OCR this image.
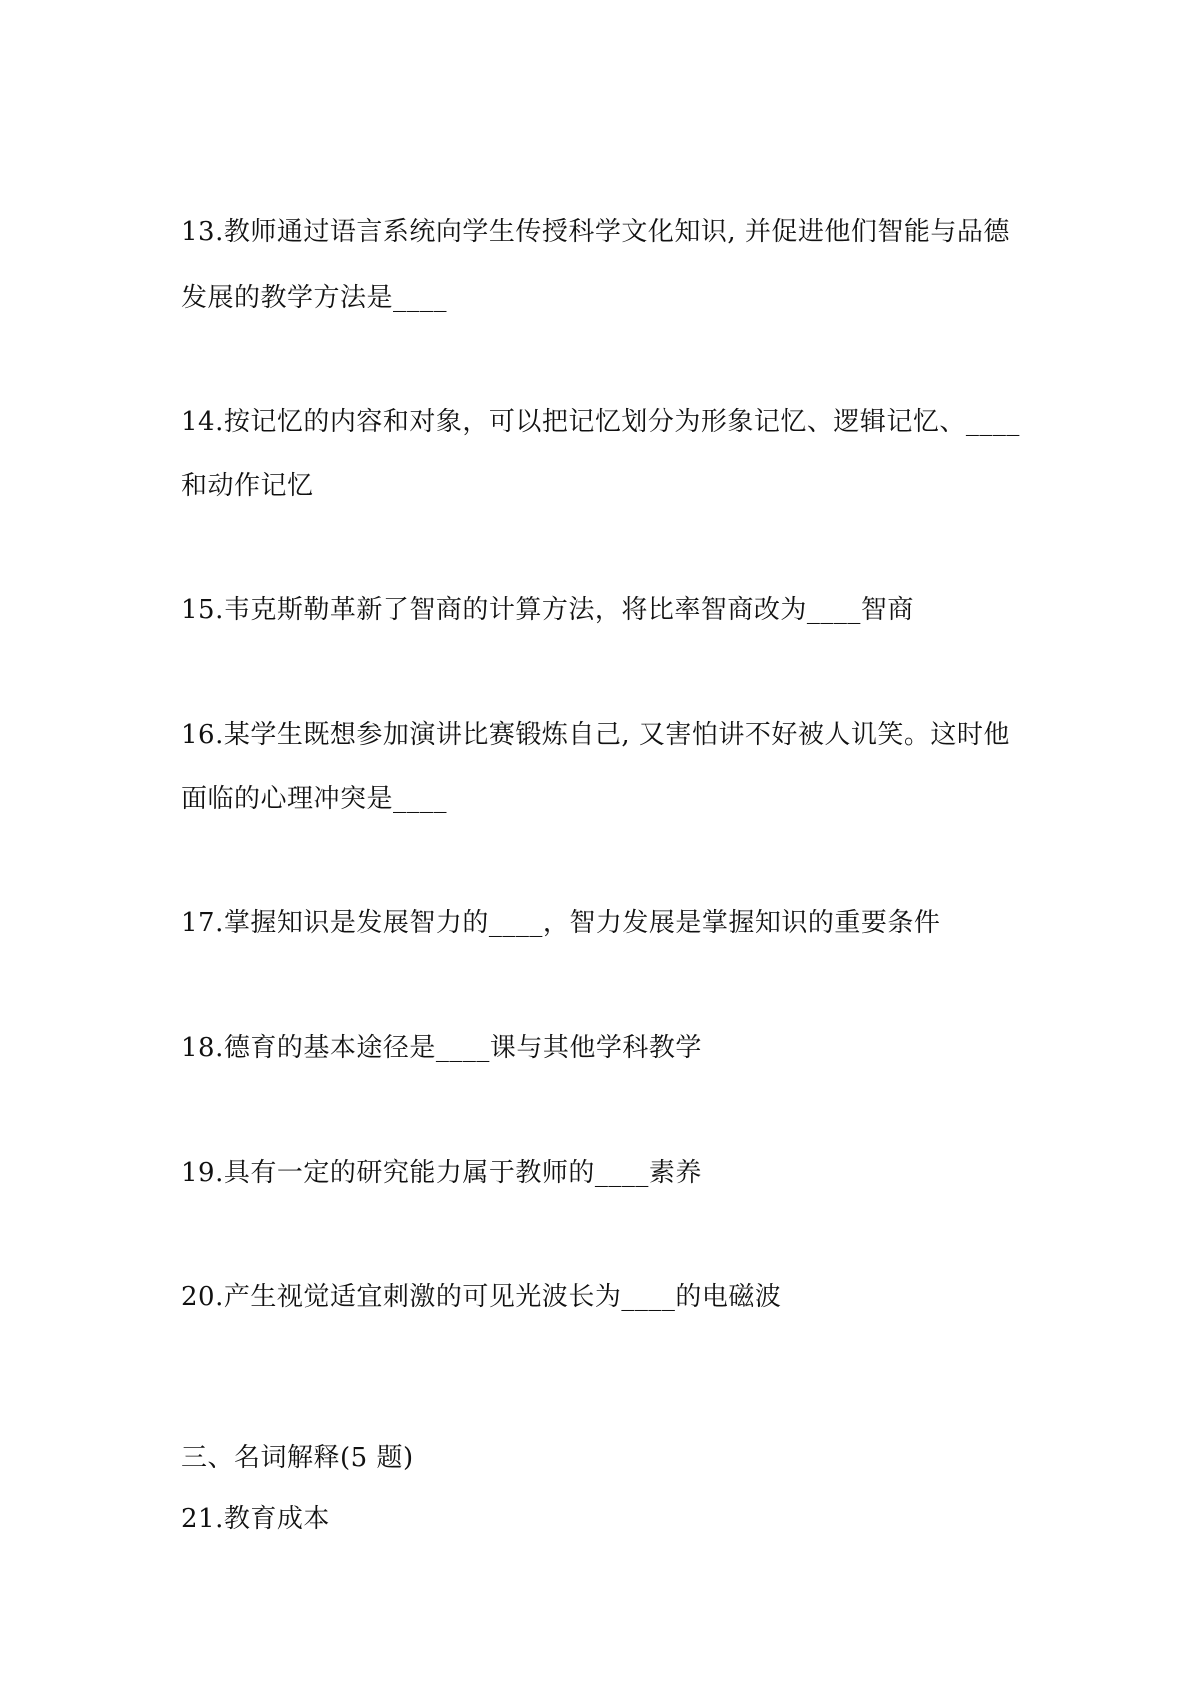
13.教师通过语言系统向学生传授科学文化知识, 并促进他们智能与品德
发展的教学方法是____
14.按记忆的内容和对象，可以把记忆划分为形象记忆、逻辑记忆、____
和动作记忆
15.韦克斯勒革新了智商的计算方法，将比率智商改为____智商
16.某学生既想参加演讲比赛锻炼自己, 又害怕讲不好被人讥笑。这时他
面临的心理冲突是____
17.掌握知识是发展智力的____，智力发展是掌握知识的重要条件
18.德育的基本途径是____课与其他学科教学
19.具有一定的研究能力属于教师的____素养
20.产生视觉适宜刺激的可见光波长为____的电磁波
三、名词解释(5 题)
21.教育成本
